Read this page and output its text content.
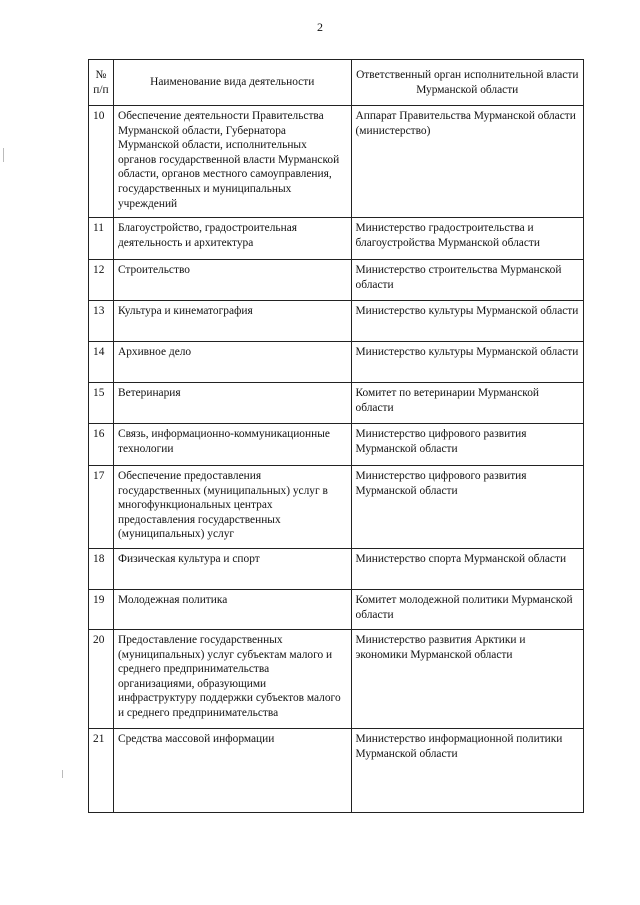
2
№ п/п	Наименование вида деятельности	Ответственный орган исполнительной власти Мурманской области
10	Обеспечение деятельности Правительства Мурманской области, Губернатора Мурманской области, исполнительных органов государственной власти Мурманской области, органов местного самоуправления, государственных и муниципальных учреждений	Аппарат Правительства Мурманской области (министерство)
11	Благоустройство, градостроительная деятельность и архитектура	Министерство градостроительства и благоустройства Мурманской области
12	Строительство	Министерство строительства Мурманской области
13	Культура и кинематография	Министерство культуры Мурманской области
14	Архивное дело	Министерство культуры Мурманской области
15	Ветеринария	Комитет по ветеринарии Мурманской области
16	Связь, информационно-коммуникационные технологии	Министерство цифрового развития Мурманской области
17	Обеспечение предоставления государственных (муниципальных) услуг в многофункциональных центрах предоставления государственных (муниципальных) услуг	Министерство цифрового развития Мурманской области
18	Физическая культура и спорт	Министерство спорта Мурманской области
19	Молодежная политика	Комитет молодежной политики Мурманской области
20	Предоставление государственных (муниципальных) услуг субъектам малого и среднего предпринимательства организациями, образующими инфраструктуру поддержки субъектов малого и среднего предпринимательства	Министерство развития Арктики и экономики Мурманской области
21	Средства массовой информации	Министерство информационной политики Мурманской области
